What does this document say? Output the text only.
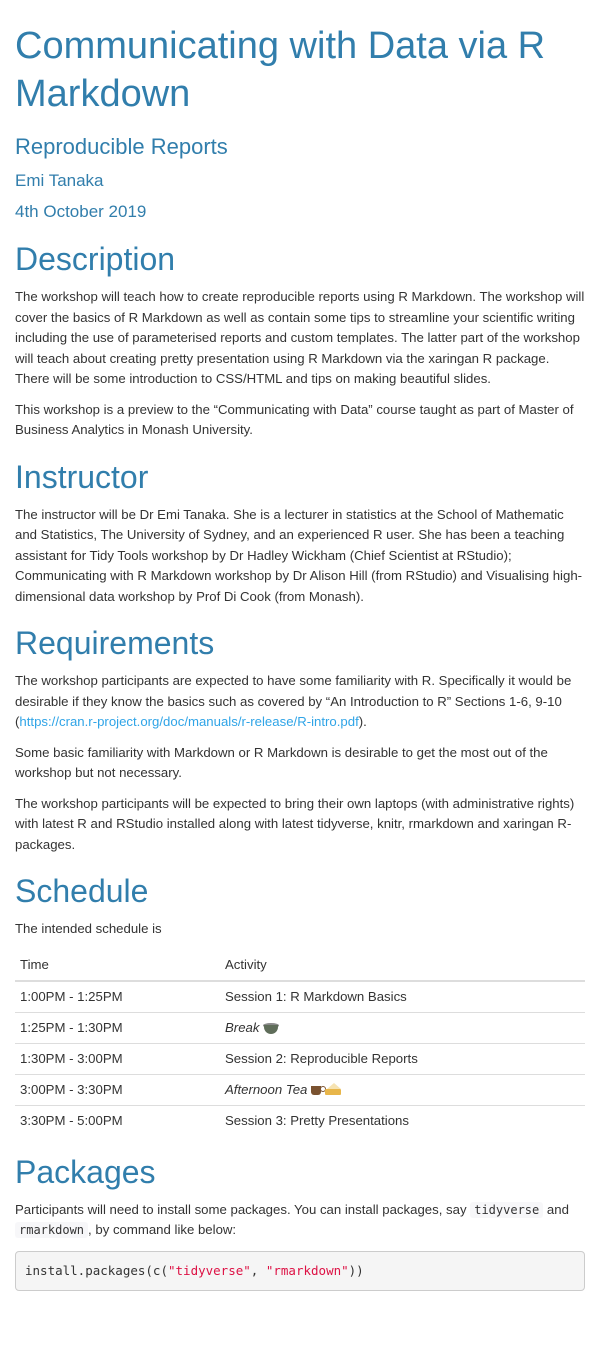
Communicating with Data via R Markdown
Reproducible Reports
Emi Tanaka
4th October 2019
Description

The workshop will teach how to create reproducible reports using R Markdown. The workshop will cover the basics of R Markdown as well as contain some tips to streamline your scientific writing including the use of parameterised reports and custom templates. The latter part of the workshop will teach about creating pretty presentation using R Markdown via the xaringan R package. There will be some introduction to CSS/HTML and tips on making beautiful slides.

This workshop is a preview to the “Communicating with Data” course taught as part of Master of Business Analytics in Monash University.

Instructor

The instructor will be Dr Emi Tanaka. She is a lecturer in statistics at the School of Mathematic and Statistics, The University of Sydney, and an experienced R user. She has been a teaching assistant for Tidy Tools workshop by Dr Hadley Wickham (Chief Scientist at RStudio); Communicating with R Markdown workshop by Dr Alison Hill (from RStudio) and Visualising high-dimensional data workshop by Prof Di Cook (from Monash).

Requirements

The workshop participants are expected to have some familiarity with R. Specifically it would be desirable if they know the basics such as covered by “An Introduction to R” Sections 1-6, 9-10 (https://cran.r-project.org/doc/manuals/r-release/R-intro.pdf).

Some basic familiarity with Markdown or R Markdown is desirable to get the most out of the workshop but not necessary.

The workshop participants will be expected to bring their own laptops (with administrative rights) with latest R and RStudio installed along with latest tidyverse, knitr, rmarkdown and xaringan R-packages.

Schedule

The intended schedule is

Time	Activity
1:00PM - 1:25PM	Session 1: R Markdown Basics
1:25PM - 1:30PM	Break

1:30PM - 3:00PM	Session 2: Reproducible Reports
3:00PM - 3:30PM	Afternoon Tea

3:30PM - 5:00PM	Session 3: Pretty Presentations
Packages

Participants will need to install some packages. You can install packages, say tidyverse and rmarkdown , by command like below:

install.packages(c("tidyverse", "rmarkdown"))
